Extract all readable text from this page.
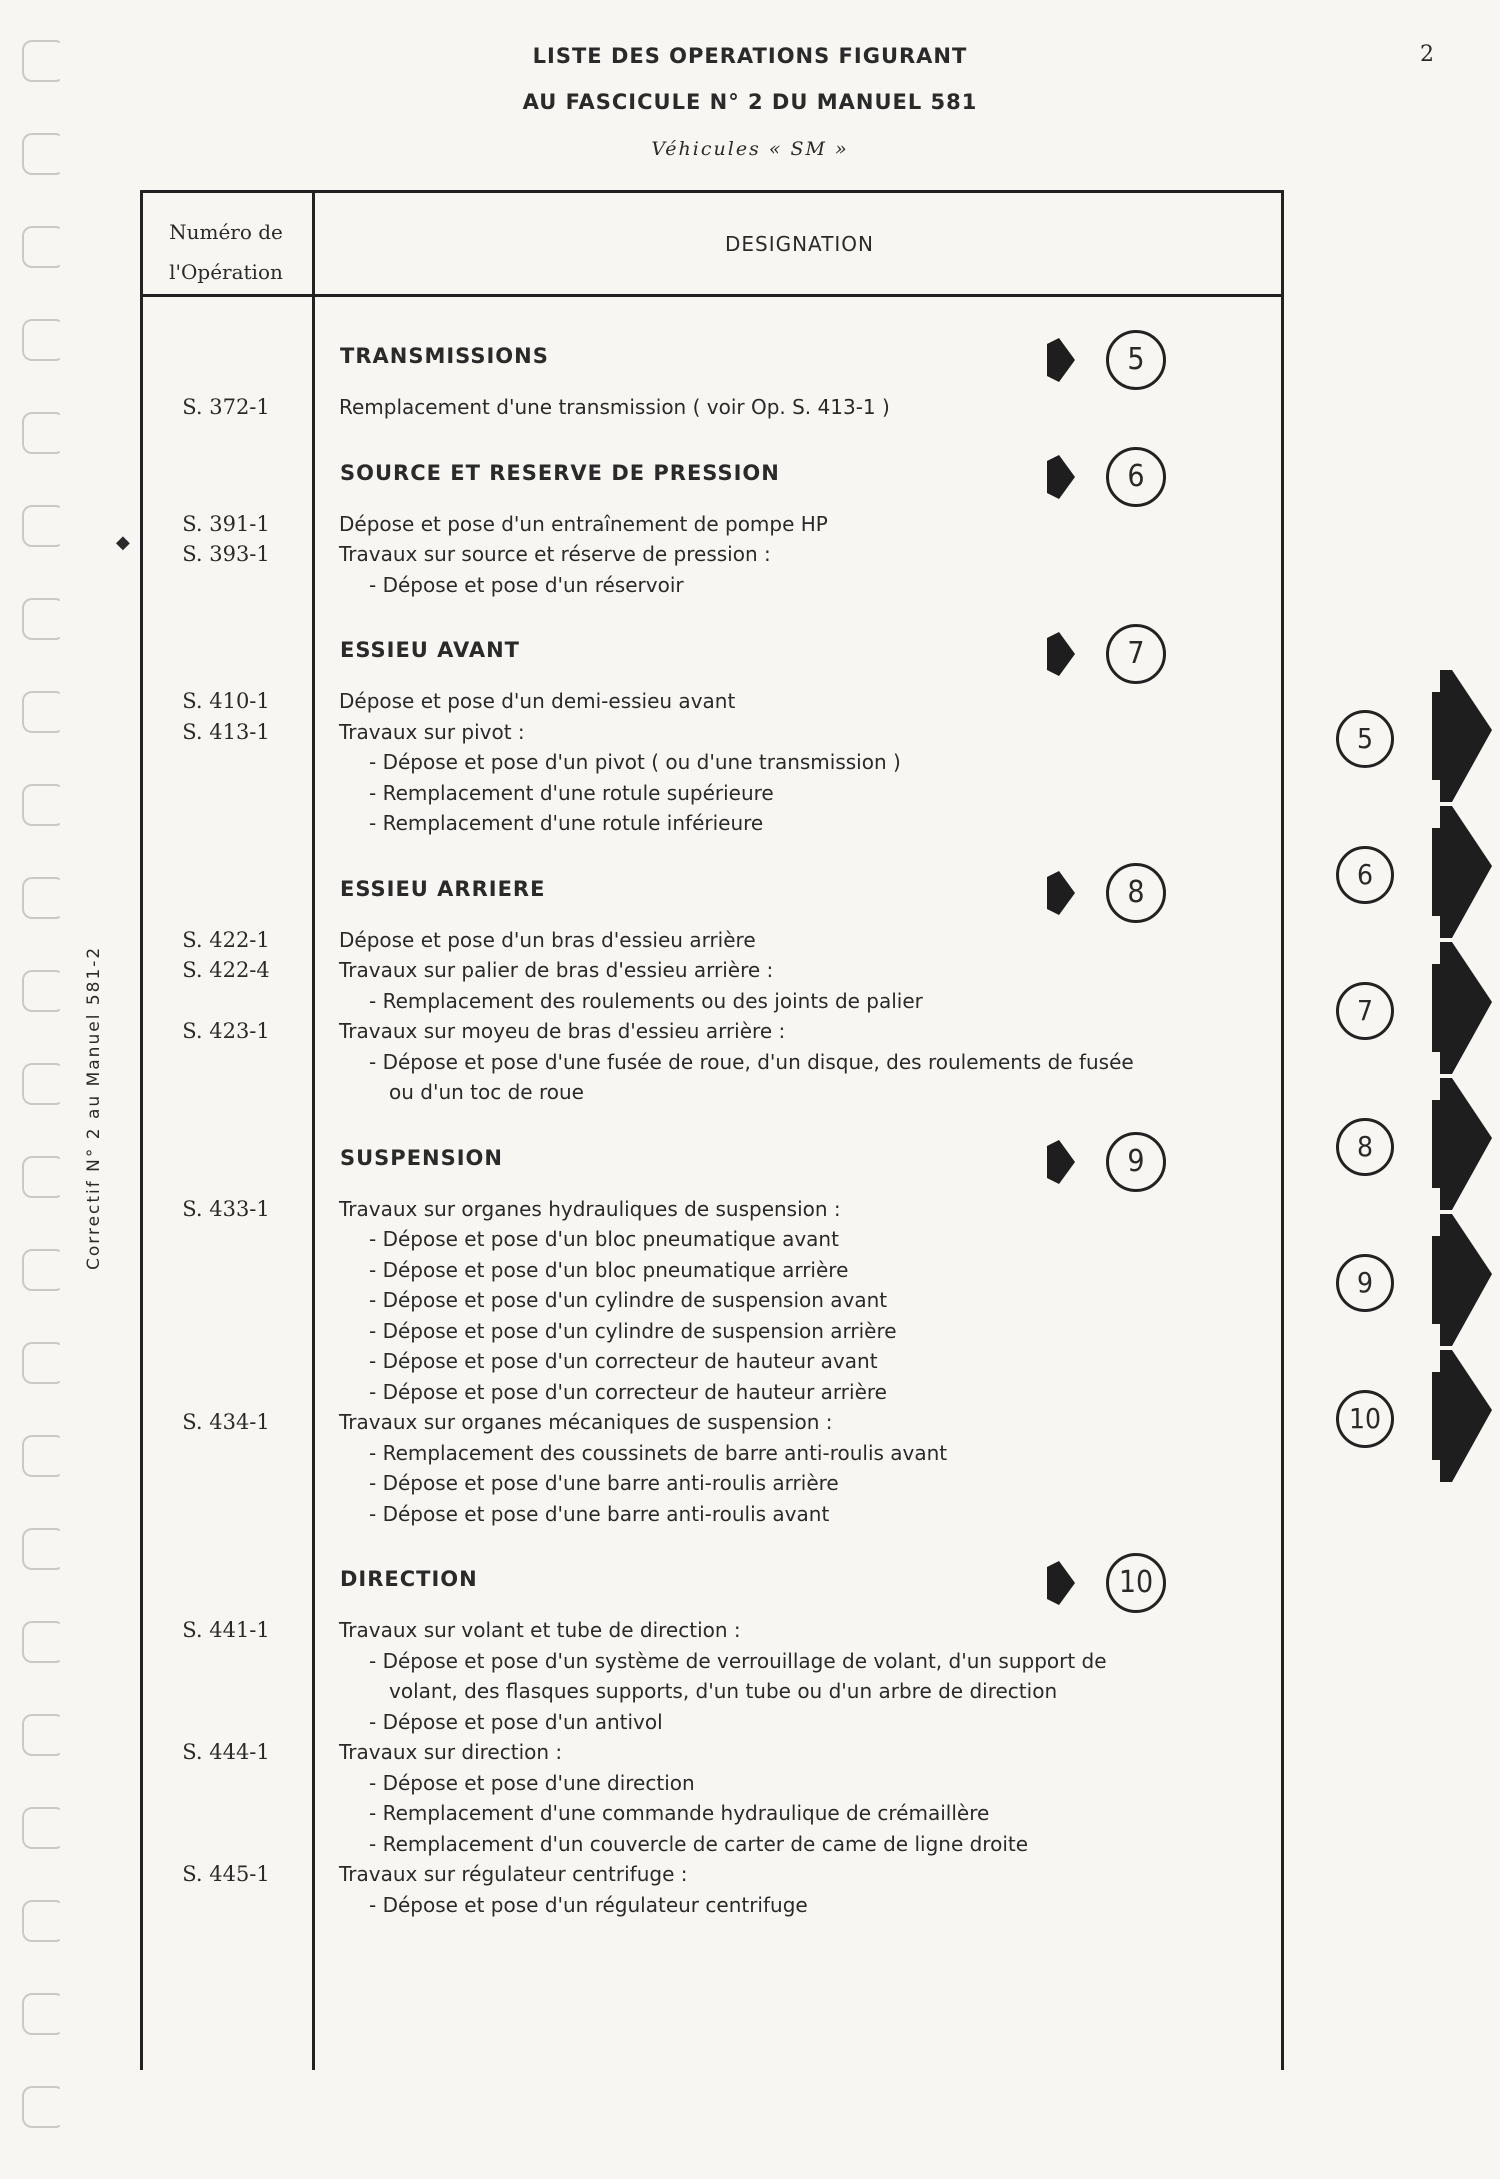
LISTE DES OPERATIONS FIGURANT
AU FASCICULE N° 2 DU MANUEL 581
Véhicules « SM »
2
Correctif N° 2 au Manuel 581-2
◆
Numéro de
l'Opération
DESIGNATION
TRANSMISSIONS	5
S. 372-1	Remplacement d'une transmission ( voir Op. S. 413-1 )
SOURCE ET RESERVE DE PRESSION	6
S. 391-1	Dépose et pose d'un entraînement de pompe HP
S. 393-1	Travaux sur source et réserve de pression :
- Dépose et pose d'un réservoir
ESSIEU AVANT	7
S. 410-1	Dépose et pose d'un demi-essieu avant
S. 413-1	Travaux sur pivot :
- Dépose et pose d'un pivot ( ou d'une transmission )
- Remplacement d'une rotule supérieure
- Remplacement d'une rotule inférieure
ESSIEU ARRIERE	8
S. 422-1	Dépose et pose d'un bras d'essieu arrière
S. 422-4	Travaux sur palier de bras d'essieu arrière :
- Remplacement des roulements ou des joints de palier
S. 423-1	Travaux sur moyeu de bras d'essieu arrière :
- Dépose et pose d'une fusée de roue, d'un disque, des roulements de fusée
ou d'un toc de roue
SUSPENSION	9
S. 433-1	Travaux sur organes hydrauliques de suspension :
- Dépose et pose d'un bloc pneumatique avant
- Dépose et pose d'un bloc pneumatique arrière
- Dépose et pose d'un cylindre de suspension avant
- Dépose et pose d'un cylindre de suspension arrière
- Dépose et pose d'un correcteur de hauteur avant
- Dépose et pose d'un correcteur de hauteur arrière
S. 434-1	Travaux sur organes mécaniques de suspension :
- Remplacement des coussinets de barre anti-roulis avant
- Dépose et pose d'une barre anti-roulis arrière
- Dépose et pose d'une barre anti-roulis avant
DIRECTION	10
S. 441-1	Travaux sur volant et tube de direction :
- Dépose et pose d'un système de verrouillage de volant, d'un support de
volant, des flasques supports, d'un tube ou d'un arbre de direction
- Dépose et pose d'un antivol
S. 444-1	Travaux sur direction :
- Dépose et pose d'une direction
- Remplacement d'une commande hydraulique de crémaillère
- Remplacement d'un couvercle de carter de came de ligne droite
S. 445-1	Travaux sur régulateur centrifuge :
- Dépose et pose d'un régulateur centrifuge
5
6
7
8
9
10
